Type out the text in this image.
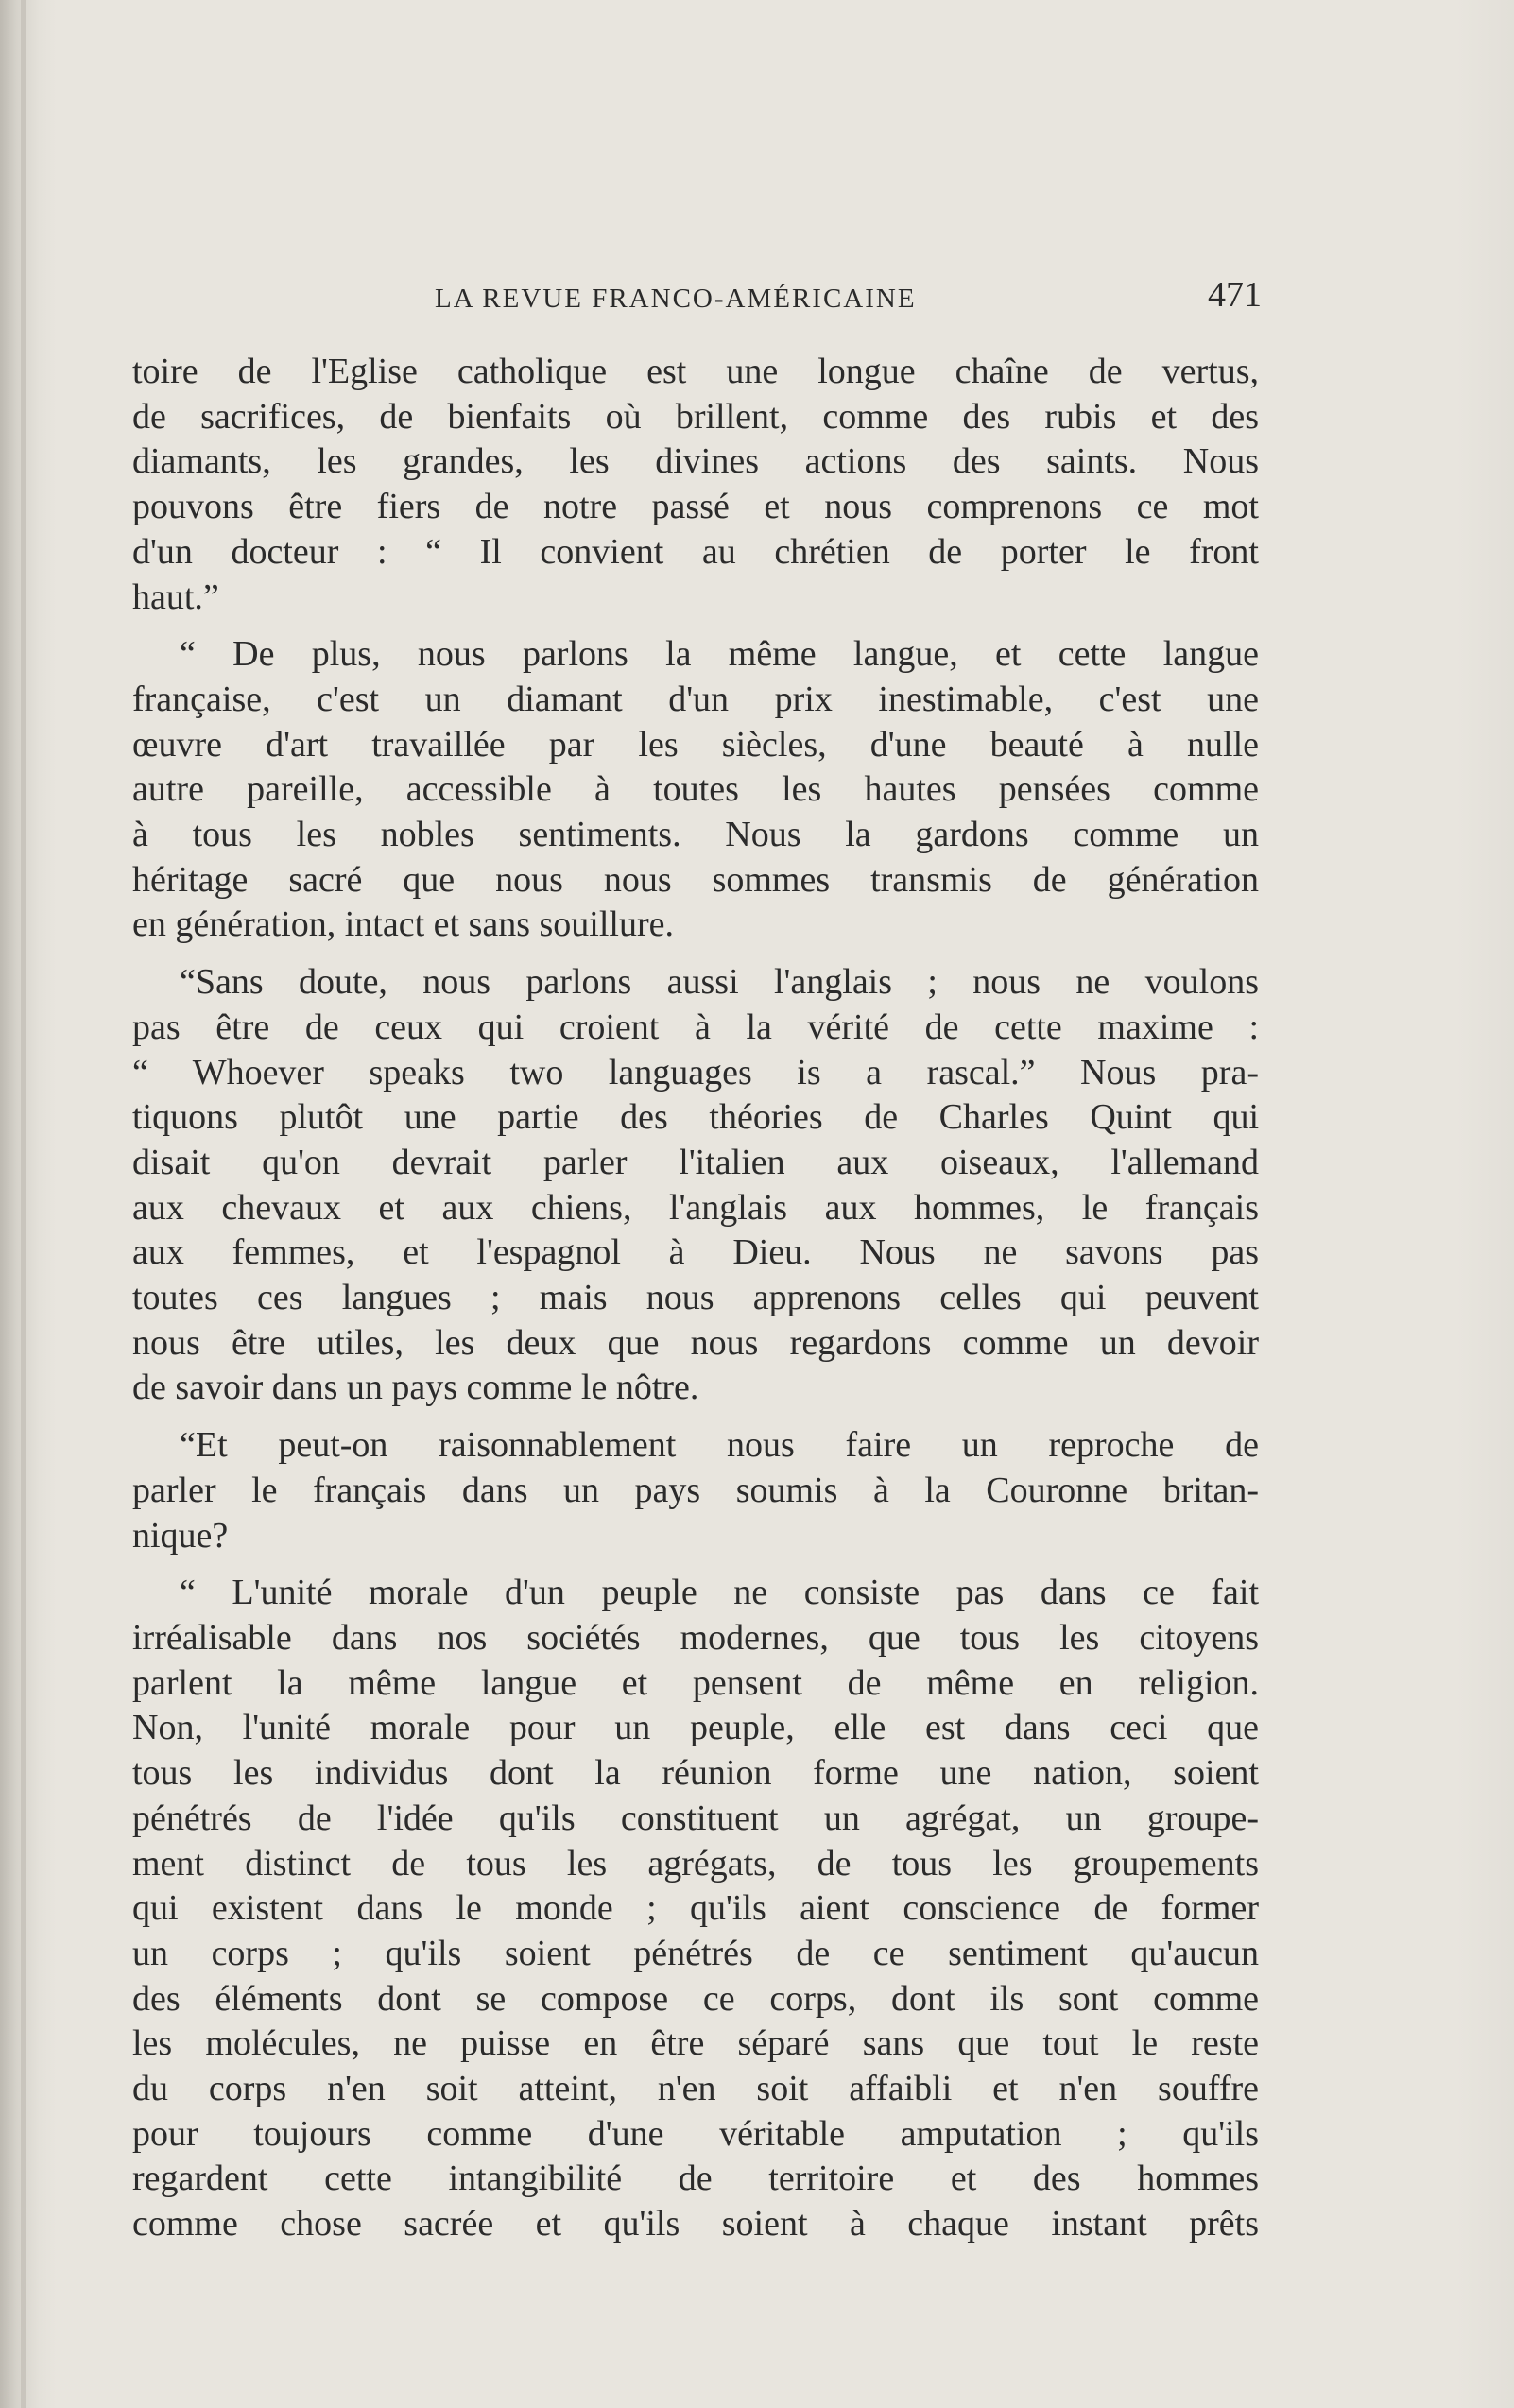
LA REVUE FRANCO-AMÉRICAINE	471
toire de l'Eglise catholique est une longue chaîne de vertus,
de sacrifices, de bienfaits où brillent, comme des rubis et des
diamants, les grandes, les divines actions des saints. Nous
pouvons être fiers de notre passé et nous comprenons ce mot
d'un docteur : “ Il convient au chrétien de porter le front
haut.”
“ De plus, nous parlons la même langue, et cette langue
française, c'est un diamant d'un prix inestimable, c'est une
œuvre d'art travaillée par les siècles, d'une beauté à nulle
autre pareille, accessible à toutes les hautes pensées comme
à tous les nobles sentiments. Nous la gardons comme un
héritage sacré que nous nous sommes transmis de génération
en génération, intact et sans souillure.
“Sans doute, nous parlons aussi l'anglais ; nous ne voulons
pas être de ceux qui croient à la vérité de cette maxime :
“ Whoever speaks two languages is a rascal.” Nous pra-
tiquons plutôt une partie des théories de Charles Quint qui
disait qu'on devrait parler l'italien aux oiseaux, l'allemand
aux chevaux et aux chiens, l'anglais aux hommes, le français
aux femmes, et l'espagnol à Dieu. Nous ne savons pas
toutes ces langues ; mais nous apprenons celles qui peuvent
nous être utiles, les deux que nous regardons comme un devoir
de savoir dans un pays comme le nôtre.
“Et peut-on raisonnablement nous faire un reproche de
parler le français dans un pays soumis à la Couronne britan-
nique?
“ L'unité morale d'un peuple ne consiste pas dans ce fait
irréalisable dans nos sociétés modernes, que tous les citoyens
parlent la même langue et pensent de même en religion.
Non, l'unité morale pour un peuple, elle est dans ceci que
tous les individus dont la réunion forme une nation, soient
pénétrés de l'idée qu'ils constituent un agrégat, un groupe-
ment distinct de tous les agrégats, de tous les groupements
qui existent dans le monde ; qu'ils aient conscience de former
un corps ; qu'ils soient pénétrés de ce sentiment qu'aucun
des éléments dont se compose ce corps, dont ils sont comme
les molécules, ne puisse en être séparé sans que tout le reste
du corps n'en soit atteint, n'en soit affaibli et n'en souffre
pour toujours comme d'une véritable amputation ; qu'ils
regardent cette intangibilité de territoire et des hommes
comme chose sacrée et qu'ils soient à chaque instant prêts
